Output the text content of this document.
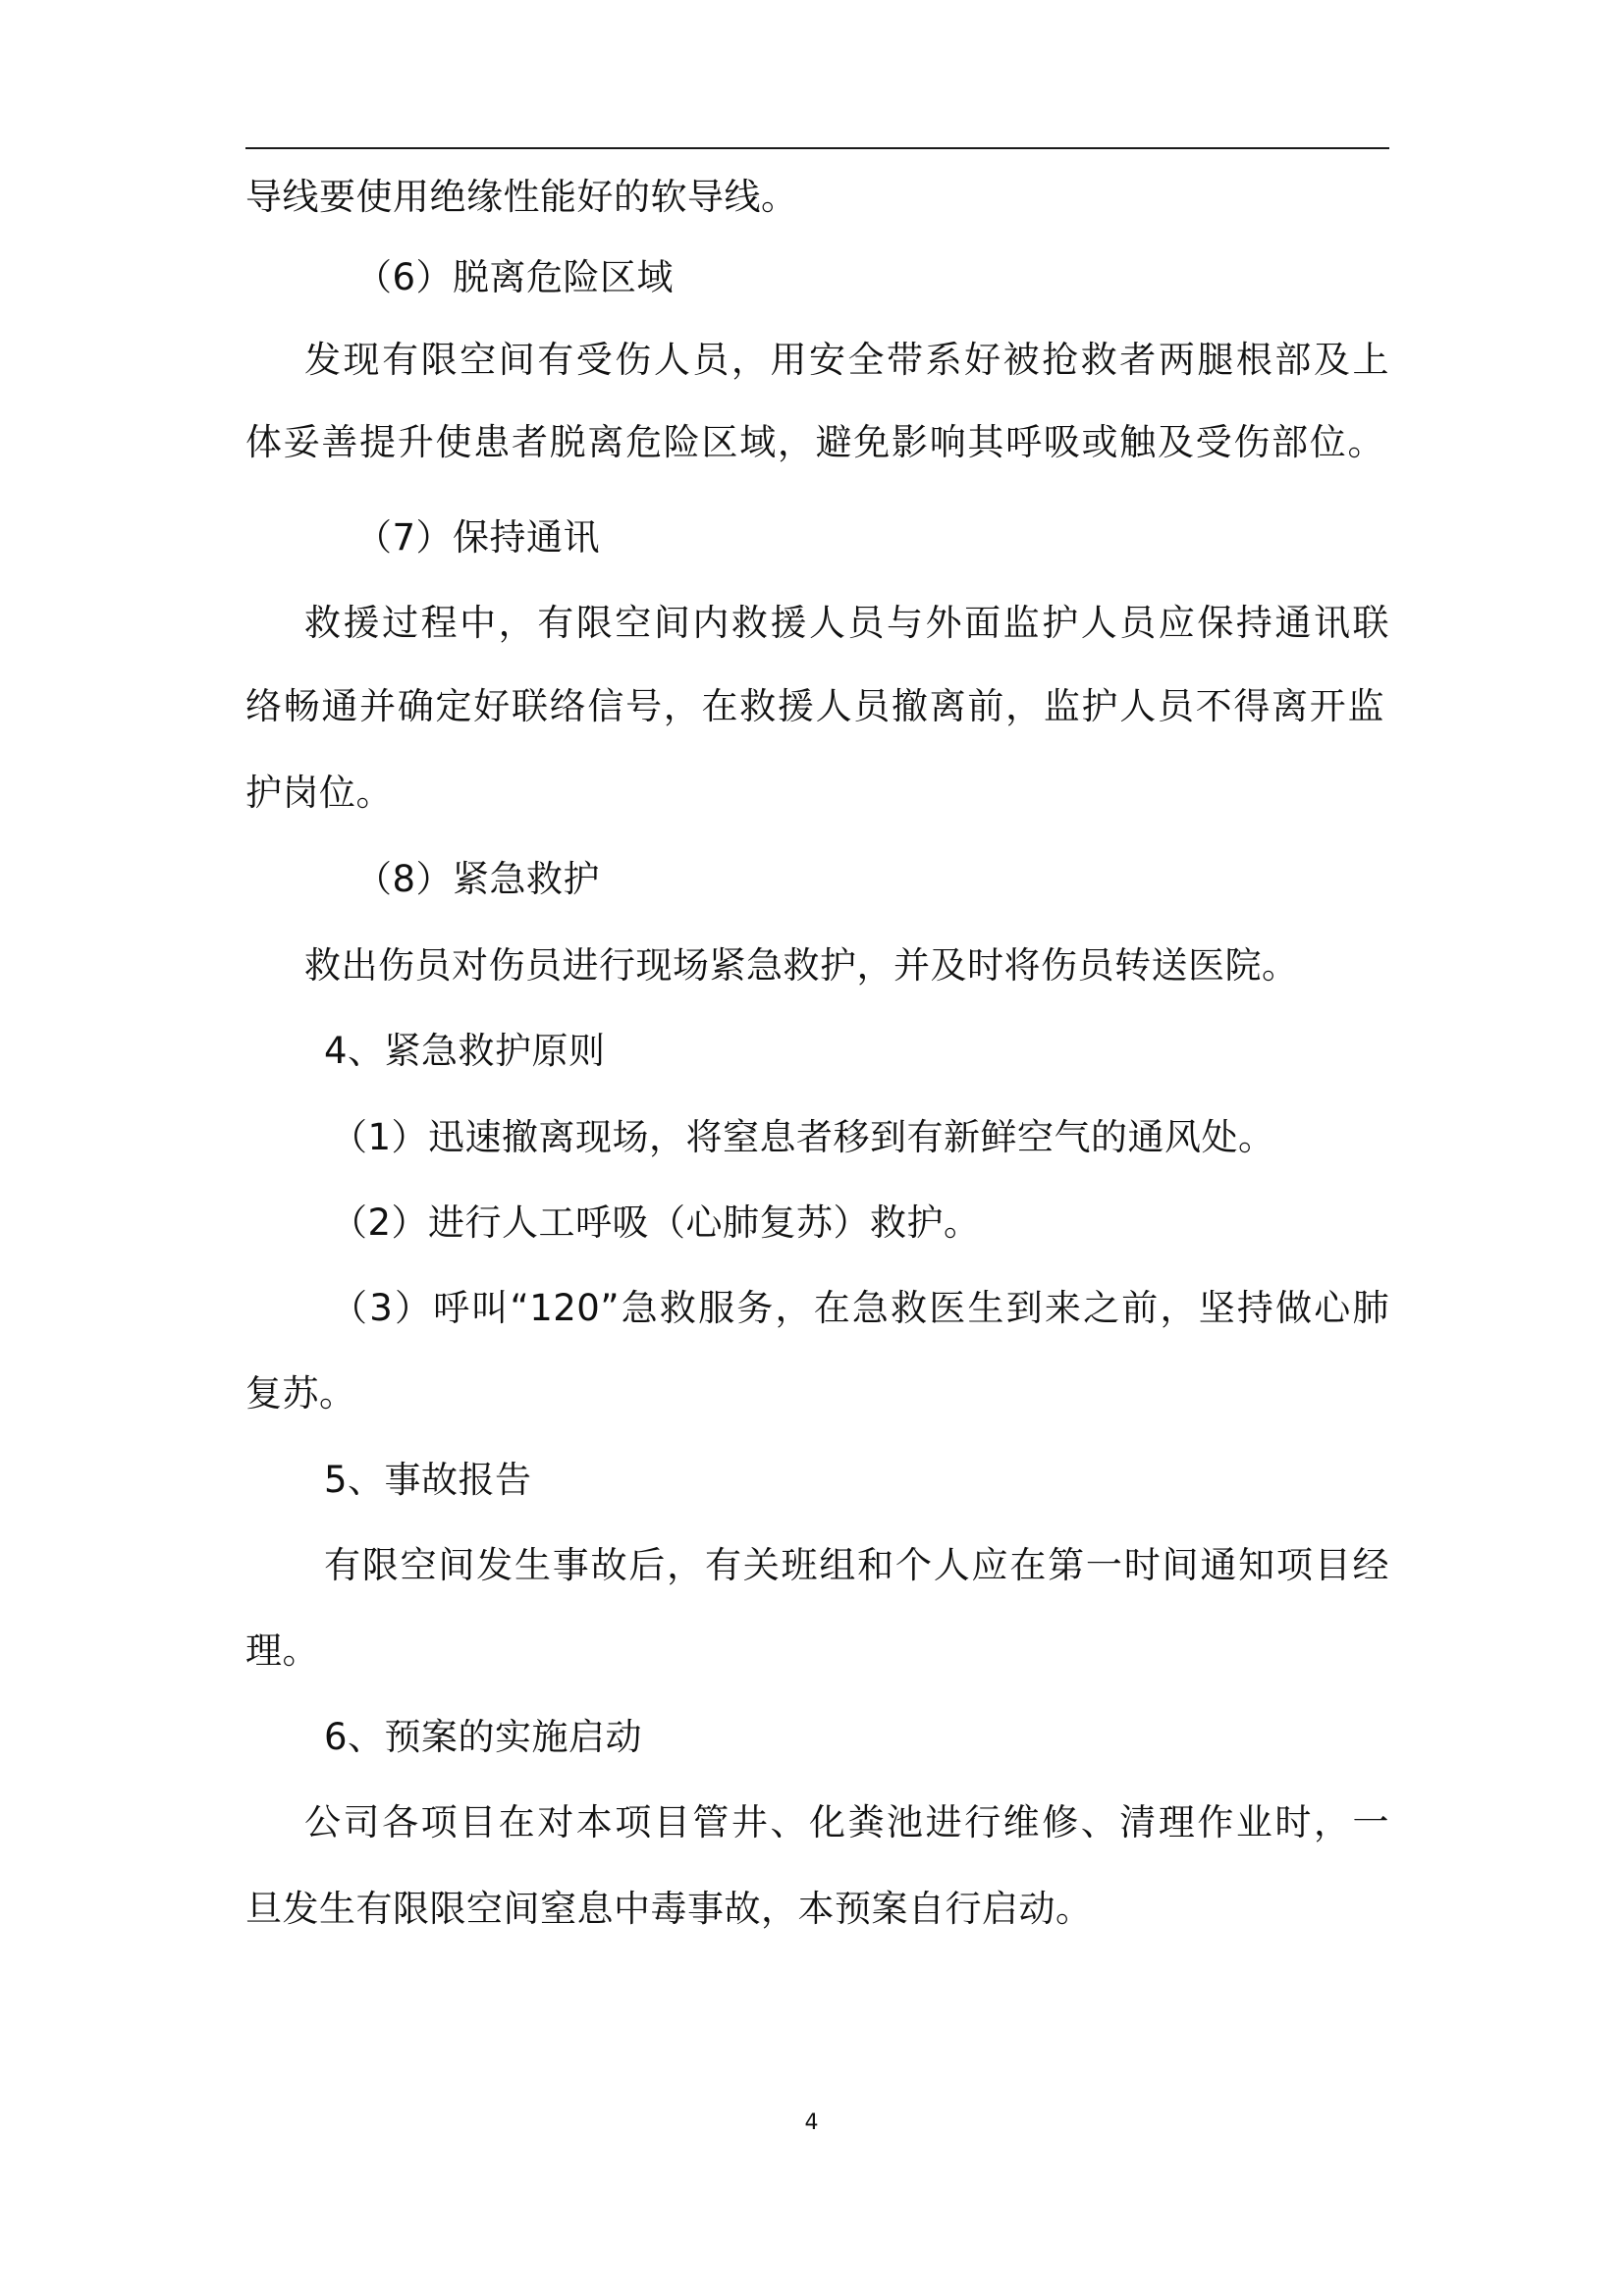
导线要使用绝缘性能好的软导线。
（6）脱离危险区域
发现有限空间有受伤人员，用安全带系好被抢救者两腿根部及上
体妥善提升使患者脱离危险区域，避免影响其呼吸或触及受伤部位。
（7）保持通讯
救援过程中，有限空间内救援人员与外面监护人员应保持通讯联
络畅通并确定好联络信号，在救援人员撤离前，监护人员不得离开监
护岗位。
（8）紧急救护
救出伤员对伤员进行现场紧急救护，并及时将伤员转送医院。
4、紧急救护原则
（1）迅速撤离现场，将窒息者移到有新鲜空气的通风处。
（2）进行人工呼吸（心肺复苏）救护。
（3）呼叫“120”急救服务，在急救医生到来之前，坚持做心肺
复苏。
5、事故报告
有限空间发生事故后，有关班组和个人应在第一时间通知项目经
理。
6、预案的实施启动
公司各项目在对本项目管井、化粪池进行维修、清理作业时，一
旦发生有限限空间窒息中毒事故，本预案自行启动。
4
